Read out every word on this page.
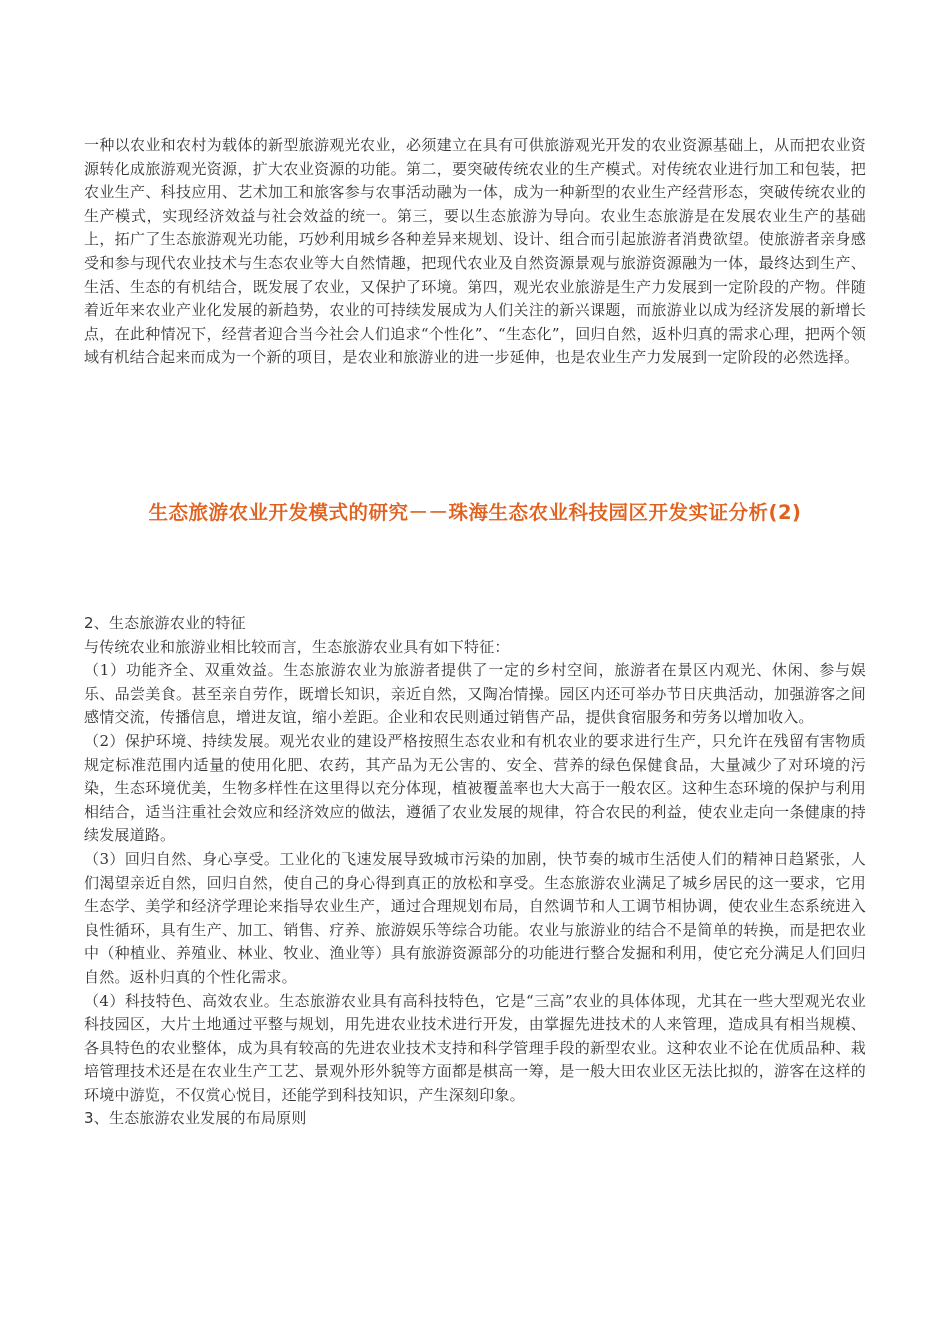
一种以农业和农村为载体的新型旅游观光农业，必须建立在具有可供旅游观光开发的农业资源基础上，从而把农业资源转化成旅游观光资源，扩大农业资源的功能。第二，要突破传统农业的生产模式。对传统农业进行加工和包装，把农业生产、科技应用、艺术加工和旅客参与农事活动融为一体，成为一种新型的农业生产经营形态，突破传统农业的生产模式，实现经济效益与社会效益的统一。第三，要以生态旅游为导向。农业生态旅游是在发展农业生产的基础上，拓广了生态旅游观光功能，巧妙利用城乡各种差异来规划、设计、组合而引起旅游者消费欲望。使旅游者亲身感受和参与现代农业技术与生态农业等大自然情趣，把现代农业及自然资源景观与旅游资源融为一体，最终达到生产、生活、生态的有机结合，既发展了农业，又保护了环境。第四，观光农业旅游是生产力发展到一定阶段的产物。伴随着近年来农业产业化发展的新趋势，农业的可持续发展成为人们关注的新兴课题，而旅游业以成为经济发展的新增长点，在此种情况下，经营者迎合当今社会人们追求“个性化”、“生态化”，回归自然，返朴归真的需求心理，把两个领域有机结合起来而成为一个新的项目，是农业和旅游业的进一步延伸，也是农业生产力发展到一定阶段的必然选择。
生态旅游农业开发模式的研究－－珠海生态农业科技园区开发实证分析(2)
2、生态旅游农业的特征
与传统农业和旅游业相比较而言，生态旅游农业具有如下特征：
（1）功能齐全、双重效益。生态旅游农业为旅游者提供了一定的乡村空间，旅游者在景区内观光、休闲、参与娱乐、品尝美食。甚至亲自劳作，既增长知识，亲近自然，又陶冶情操。园区内还可举办节日庆典活动，加强游客之间感情交流，传播信息，增进友谊，缩小差距。企业和农民则通过销售产品，提供食宿服务和劳务以增加收入。
（2）保护环境、持续发展。观光农业的建设严格按照生态农业和有机农业的要求进行生产，只允许在残留有害物质规定标准范围内适量的使用化肥、农药，其产品为无公害的、安全、营养的绿色保健食品，大量减少了对环境的污染，生态环境优美，生物多样性在这里得以充分体现，植被覆盖率也大大高于一般农区。这种生态环境的保护与利用相结合，适当注重社会效应和经济效应的做法，遵循了农业发展的规律，符合农民的利益，使农业走向一条健康的持续发展道路。
（3）回归自然、身心享受。工业化的飞速发展导致城市污染的加剧，快节奏的城市生活使人们的精神日趋紧张，人们渴望亲近自然，回归自然，使自己的身心得到真正的放松和享受。生态旅游农业满足了城乡居民的这一要求，它用生态学、美学和经济学理论来指导农业生产，通过合理规划布局，自然调节和人工调节相协调，使农业生态系统进入良性循环，具有生产、加工、销售、疗养、旅游娱乐等综合功能。农业与旅游业的结合不是简单的转换，而是把农业中（种植业、养殖业、林业、牧业、渔业等）具有旅游资源部分的功能进行整合发掘和利用，使它充分满足人们回归自然。返朴归真的个性化需求。
（4）科技特色、高效农业。生态旅游农业具有高科技特色，它是“三高”农业的具体体现，尤其在一些大型观光农业科技园区，大片土地通过平整与规划，用先进农业技术进行开发，由掌握先进技术的人来管理，造成具有相当规模、各具特色的农业整体，成为具有较高的先进农业技术支持和科学管理手段的新型农业。这种农业不论在优质品种、栽培管理技术还是在农业生产工艺、景观外形外貌等方面都是棋高一筹，是一般大田农业区无法比拟的，游客在这样的环境中游览，不仅赏心悦目，还能学到科技知识，产生深刻印象。
3、生态旅游农业发展的布局原则
